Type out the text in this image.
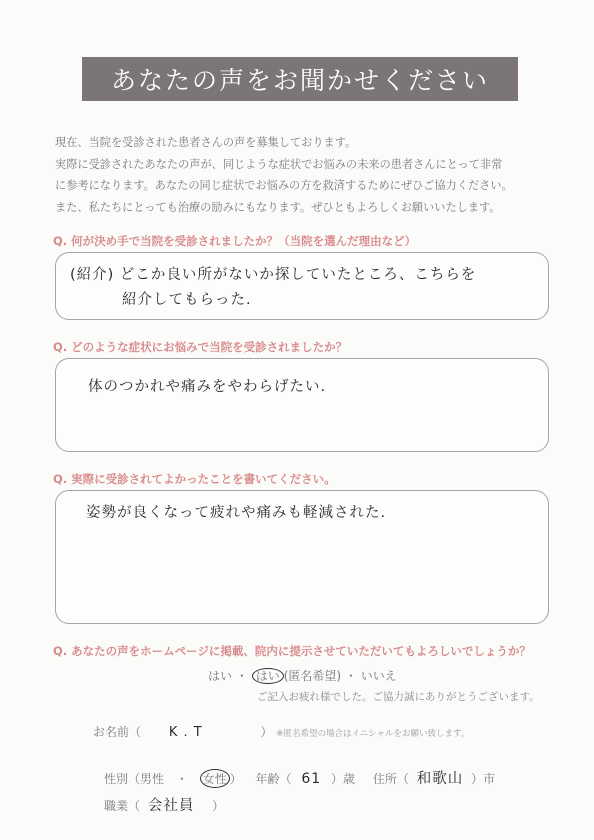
あなたの声をお聞かせください

現在、当院を受診された患者さんの声を募集しております。

実際に受診されたあなたの声が、同じような症状でお悩みの未来の患者さんにとって非常

に参考になります。あなたの同じ症状でお悩みの方を救済するためにぜひご協力ください。

また、私たちにとっても治療の励みにもなります。ぜひともよろしくお願いいたします。

Q. 何が決め手で当院を受診されましたか？（当院を選んだ理由など）
(紹介) どこか良い所がないか探していたところ、こちらを
紹介してもらった.
Q. どのような症状にお悩みで当院を受診されましたか？
体のつかれや痛みをやわらげたい.
Q. 実際に受診されてよかったことを書いてください。
姿勢が良くなって疲れや痛みも軽減された.
Q. あなたの声をホームページに掲載、院内に提示させていただいてもよろしいでしょうか？
はい ・ はい (匿名希望) ・ いいえ
ご記入お疲れ様でした。ご協力誠にありがとうございます。
お名前（ K . T	） ※匿名希望の場合はイニシャルをお願い致します。
性別（男性 ・ 女性 ） 年齢（ 61 ）歳 住所（ 和歌山 ）市
職業（ 会社員 ）
